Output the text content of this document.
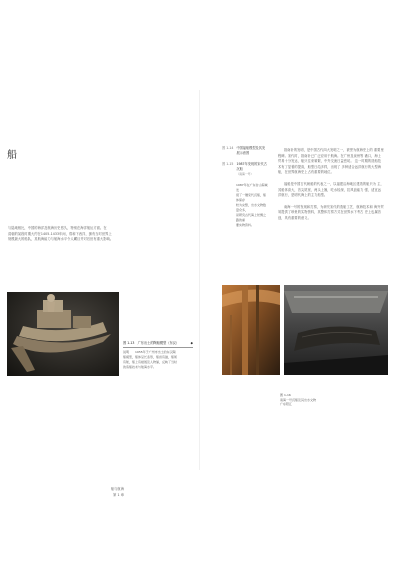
船
与陆地相比，中国的海洋及航海历史悠久，特别在海洋航运方面。在
清朝的某段时期大约在1405-1433年间，郑和下西洋，拥有当时世界上
规模最大的船队，其航海能力与航海水平令人瞩目并对后世有重大影响。
图 1-13　广东出土的陶船模型（东汉）	◆
说明　　1955年于广州市出土的东汉陶
船模型，船体呈长条形，船首有锚，船尾
有舵，船上有楼阁及人物俑，反映了当时
的造船技术与航海水平。
船与航海
第 1 章
图 1-14 中国福船模型及其发展示意图
图 1-15 1987年发现的宋代古沉船
（南海一号）
1987年在广东台山海域发
现了一艘宋代沉船，船体保存
较为完整，出水文物数量众多，
是研究古代海上丝绸之路的重
要实物资料。

指南针的发明，是中国古代四大发明之一，被誉为航海史上的 重要里程碑。宋代时，指南针已广泛应用于航海。在广州及泉州等 港口，海上贸易十分发达，船只往来频繁，中外交流日益密切。 这一时期的造船技术有了显著的提高，船型日趋多样，出现了 多种适合远洋航行的大型海船，在世界航海史上占有重要的地位。

福船是中国古代帆船的代表之一，以福建沿海地区建造的船只为 主，其船体高大，首尖尾宽，两头上翘，吃水较深，抗风浪能力 强，适宜远洋航行，是明代海上的主力船型。

南海一号的发现和打捞，为研究宋代的造船工艺、航海技术和 海外贸易提供了珍贵的实物资料，其整体打捞方式在世界水下考古 史上也属首创，具有重要的意义。

图 1-16
南海一号沉船及其出水文物
广东阳江
